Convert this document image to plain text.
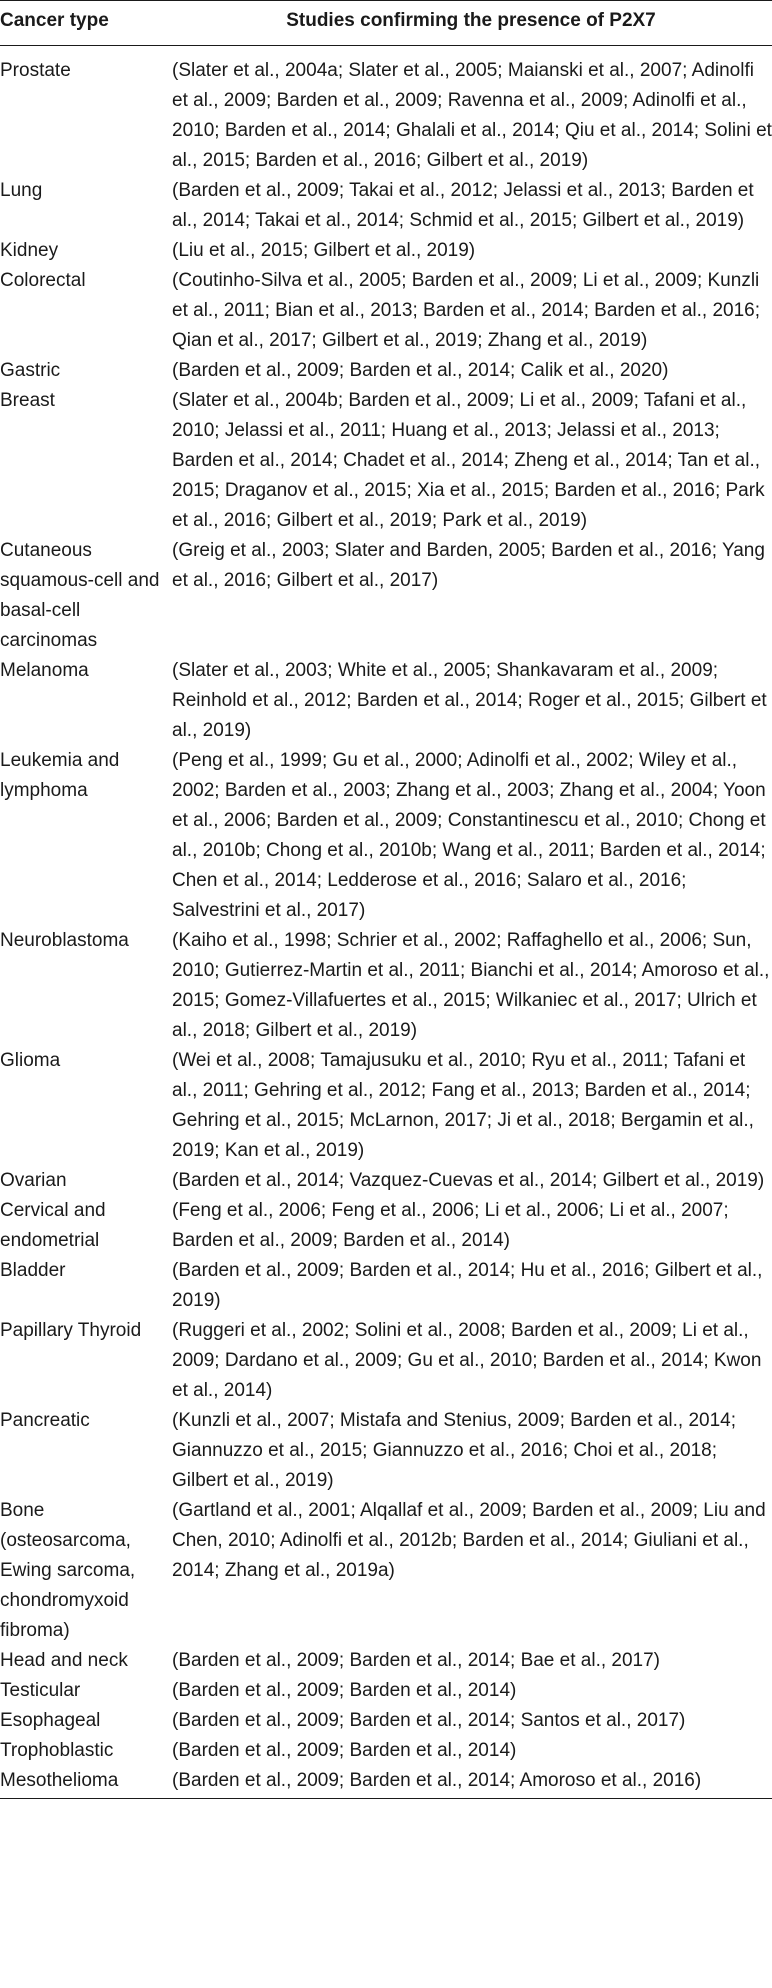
Cancer type	Studies confirming the presence of P2X7
Prostate	(Slater et al., 2004a; Slater et al., 2005; Maianski et al., 2007; Adinolfi et al., 2009; Barden et al., 2009; Ravenna et al., 2009; Adinolfi et al., 2010; Barden et al., 2014; Ghalali et al., 2014; Qiu et al., 2014; Solini et al., 2015; Barden et al., 2016; Gilbert et al., 2019)
Lung	(Barden et al., 2009; Takai et al., 2012; Jelassi et al., 2013; Barden et al., 2014; Takai et al., 2014; Schmid et al., 2015; Gilbert et al., 2019)
Kidney	(Liu et al., 2015; Gilbert et al., 2019)
Colorectal	(Coutinho-Silva et al., 2005; Barden et al., 2009; Li et al., 2009; Kunzli et al., 2011; Bian et al., 2013; Barden et al., 2014; Barden et al., 2016; Qian et al., 2017; Gilbert et al., 2019; Zhang et al., 2019)
Gastric	(Barden et al., 2009; Barden et al., 2014; Calik et al., 2020)
Breast	(Slater et al., 2004b; Barden et al., 2009; Li et al., 2009; Tafani et al., 2010; Jelassi et al., 2011; Huang et al., 2013; Jelassi et al., 2013; Barden et al., 2014; Chadet et al., 2014; Zheng et al., 2014; Tan et al., 2015; Draganov et al., 2015; Xia et al., 2015; Barden et al., 2016; Park et al., 2016; Gilbert et al., 2019; Park et al., 2019)
Cutaneous squamous-cell and basal-cell carcinomas	(Greig et al., 2003; Slater and Barden, 2005; Barden et al., 2016; Yang et al., 2016; Gilbert et al., 2017)
Melanoma	(Slater et al., 2003; White et al., 2005; Shankavaram et al., 2009; Reinhold et al., 2012; Barden et al., 2014; Roger et al., 2015; Gilbert et al., 2019)
Leukemia and lymphoma	(Peng et al., 1999; Gu et al., 2000; Adinolfi et al., 2002; Wiley et al., 2002; Barden et al., 2003; Zhang et al., 2003; Zhang et al., 2004; Yoon et al., 2006; Barden et al., 2009; Constantinescu et al., 2010; Chong et al., 2010b; Chong et al., 2010b; Wang et al., 2011; Barden et al., 2014; Chen et al., 2014; Ledderose et al., 2016; Salaro et al., 2016; Salvestrini et al., 2017)
Neuroblastoma	(Kaiho et al., 1998; Schrier et al., 2002; Raffaghello et al., 2006; Sun, 2010; Gutierrez-Martin et al., 2011; Bianchi et al., 2014; Amoroso et al., 2015; Gomez-Villafuertes et al., 2015; Wilkaniec et al., 2017; Ulrich et al., 2018; Gilbert et al., 2019)
Glioma	(Wei et al., 2008; Tamajusuku et al., 2010; Ryu et al., 2011; Tafani et al., 2011; Gehring et al., 2012; Fang et al., 2013; Barden et al., 2014; Gehring et al., 2015; McLarnon, 2017; Ji et al., 2018; Bergamin et al., 2019; Kan et al., 2019)
Ovarian	(Barden et al., 2014; Vazquez-Cuevas et al., 2014; Gilbert et al., 2019)
Cervical and endometrial	(Feng et al., 2006; Feng et al., 2006; Li et al., 2006; Li et al., 2007; Barden et al., 2009; Barden et al., 2014)
Bladder	(Barden et al., 2009; Barden et al., 2014; Hu et al., 2016; Gilbert et al., 2019)
Papillary Thyroid	(Ruggeri et al., 2002; Solini et al., 2008; Barden et al., 2009; Li et al., 2009; Dardano et al., 2009; Gu et al., 2010; Barden et al., 2014; Kwon et al., 2014)
Pancreatic	(Kunzli et al., 2007; Mistafa and Stenius, 2009; Barden et al., 2014; Giannuzzo et al., 2015; Giannuzzo et al., 2016; Choi et al., 2018; Gilbert et al., 2019)
Bone (osteosarcoma, Ewing sarcoma, chondromyxoid fibroma)	(Gartland et al., 2001; Alqallaf et al., 2009; Barden et al., 2009; Liu and Chen, 2010; Adinolfi et al., 2012b; Barden et al., 2014; Giuliani et al., 2014; Zhang et al., 2019a)
Head and neck	(Barden et al., 2009; Barden et al., 2014; Bae et al., 2017)
Testicular	(Barden et al., 2009; Barden et al., 2014)
Esophageal	(Barden et al., 2009; Barden et al., 2014; Santos et al., 2017)
Trophoblastic	(Barden et al., 2009; Barden et al., 2014)
Mesothelioma	(Barden et al., 2009; Barden et al., 2014; Amoroso et al., 2016)
